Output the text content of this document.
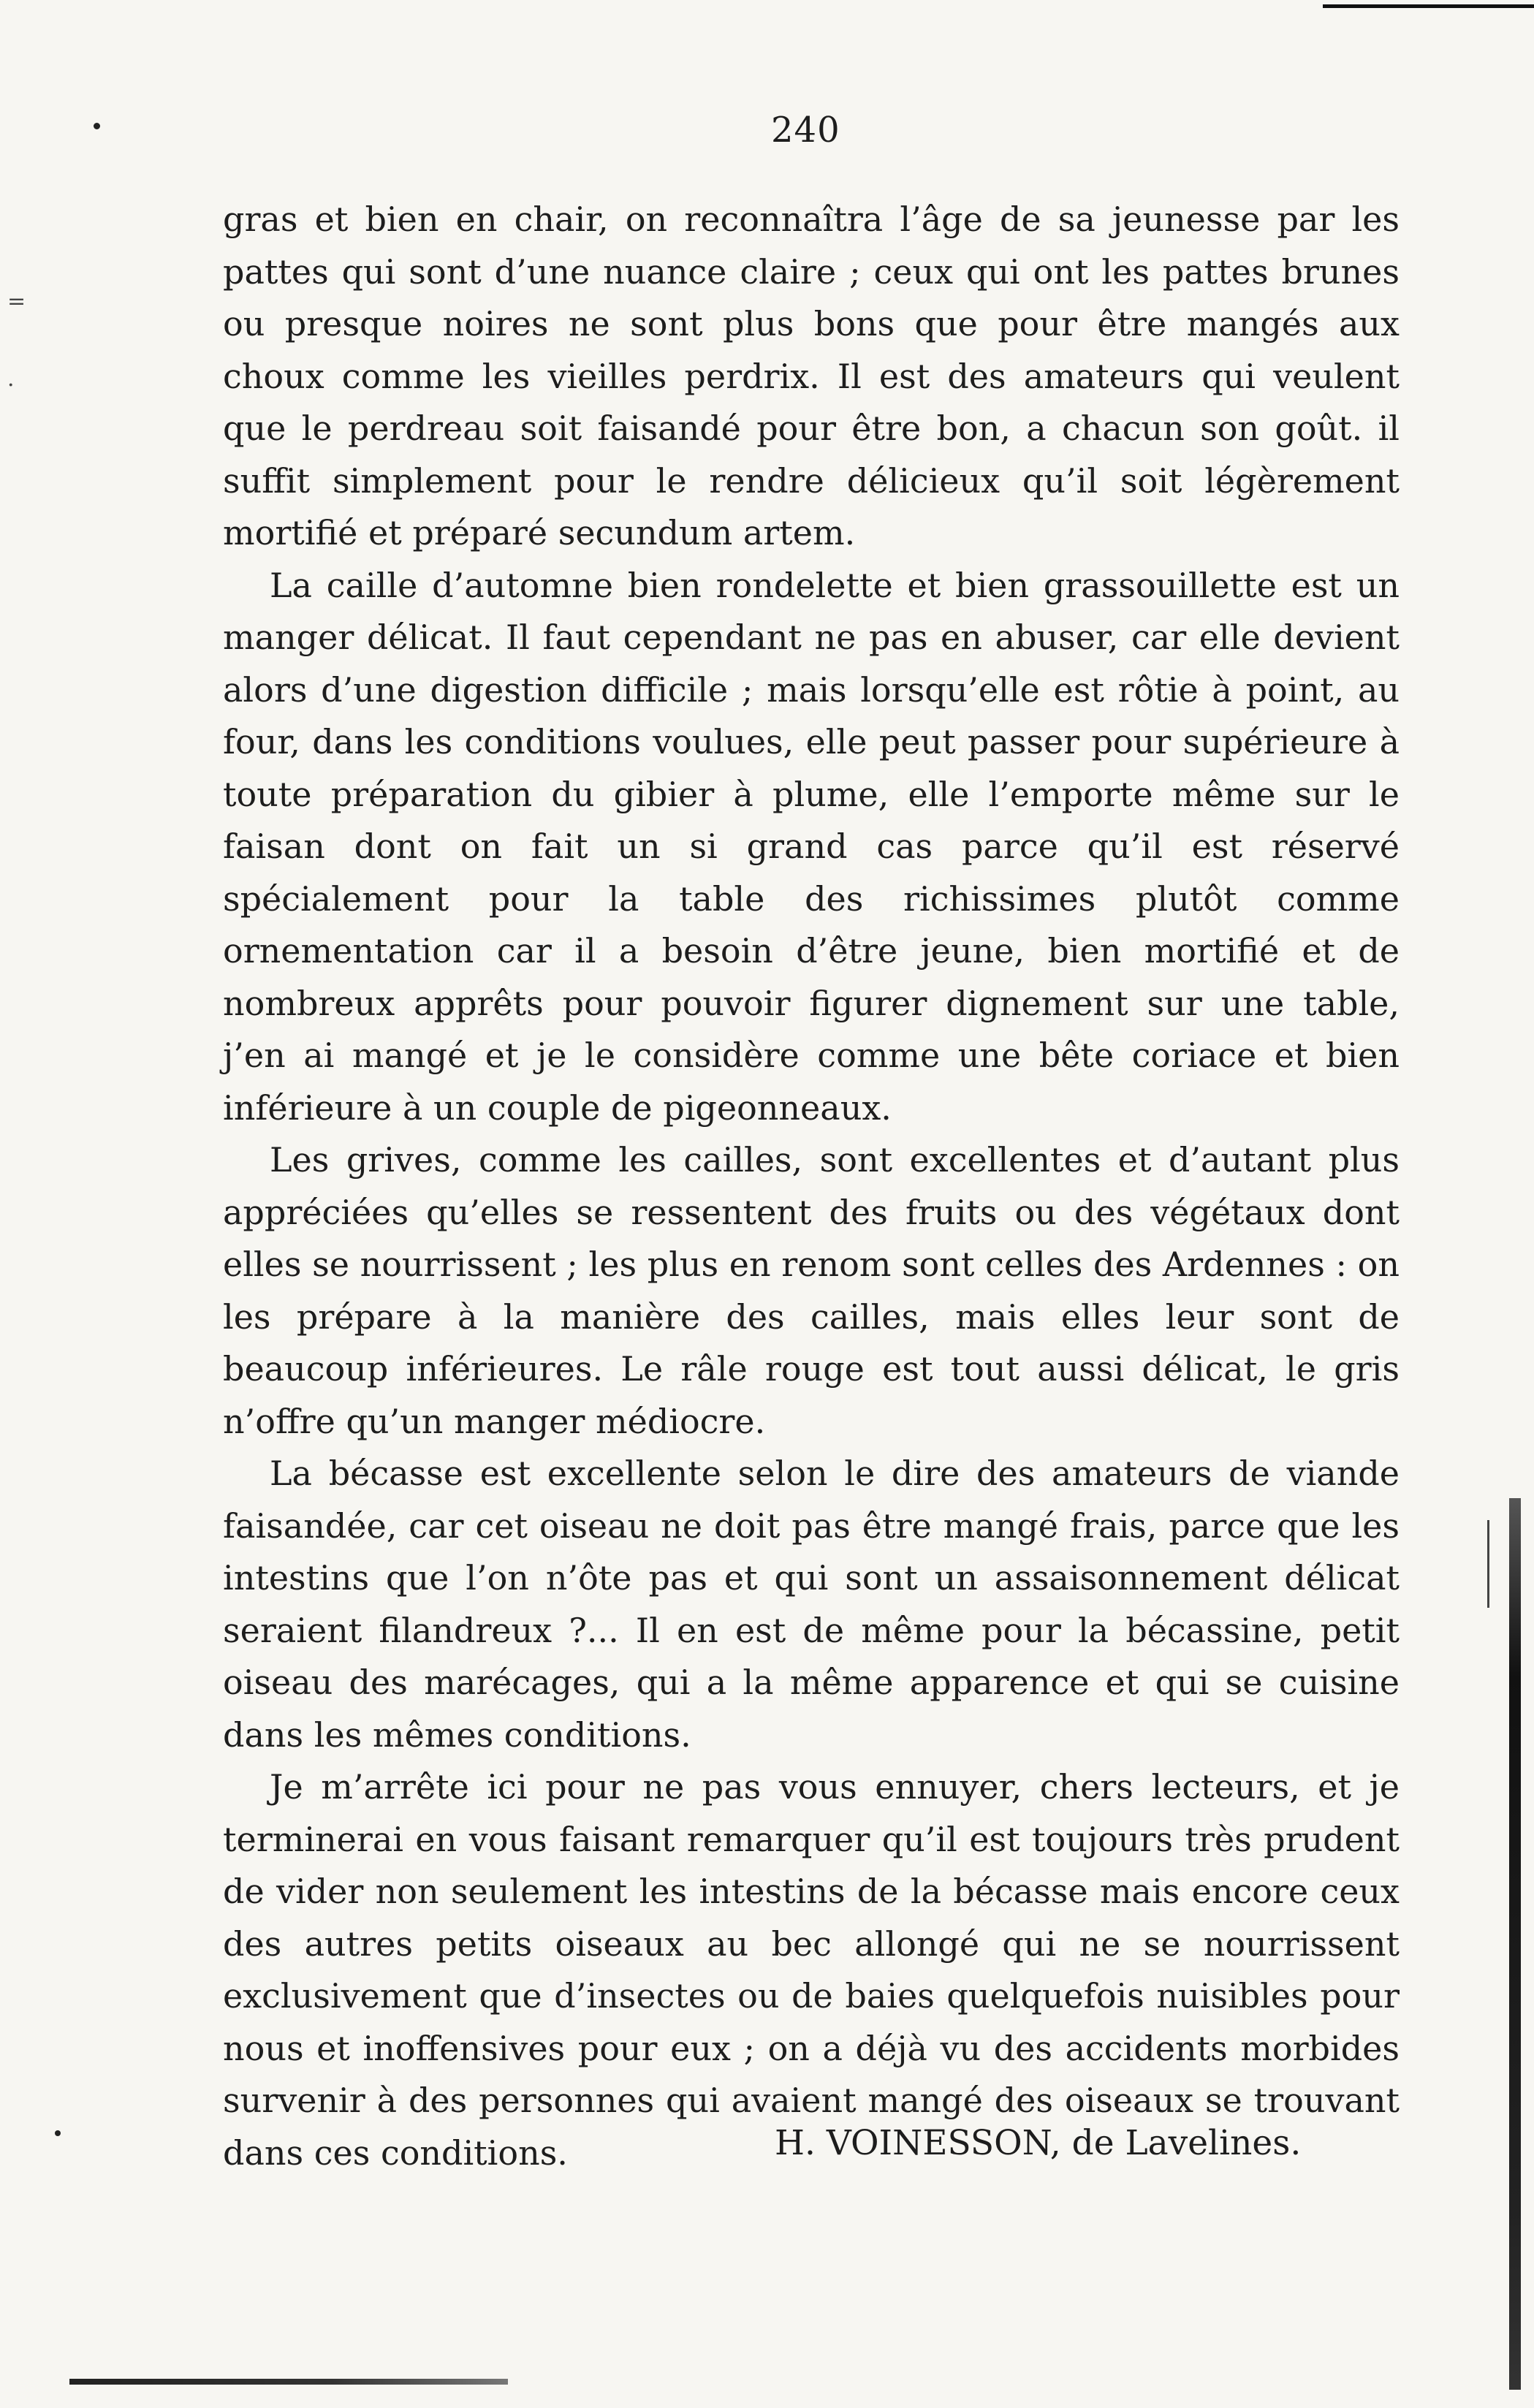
=
·
240

gras et bien en chair, on reconnaîtra l’âge de sa jeunesse par les pattes qui sont d’une nuance claire ; ceux qui ont les pattes brunes ou presque noires ne sont plus bons que pour être mangés aux choux comme les vieilles perdrix. Il est des amateurs qui veulent que le perdreau soit faisandé pour être bon, a chacun son goût. il suffit simplement pour le rendre délicieux qu’il soit légèrement mortifié et préparé secundum artem.

La caille d’automne bien rondelette et bien grassouillette est un manger délicat. Il faut cependant ne pas en abuser, car elle devient alors d’une digestion difficile ; mais lorsqu’elle est rôtie à point, au four, dans les conditions voulues, elle peut passer pour supérieure à toute préparation du gibier à plume, elle l’emporte même sur le faisan dont on fait un si grand cas parce qu’il est réservé spécialement pour la table des richissimes plutôt comme ornementation car il a besoin d’être jeune, bien mortifié et de nombreux apprêts pour pouvoir figurer dignement sur une table, j’en ai mangé et je le considère comme une bête coriace et bien inférieure à un couple de pigeonneaux.

Les grives, comme les cailles, sont excellentes et d’autant plus appréciées qu’elles se ressentent des fruits ou des végétaux dont elles se nourrissent ; les plus en renom sont celles des Ardennes : on les prépare à la manière des cailles, mais elles leur sont de beaucoup inférieures. Le râle rouge est tout aussi délicat, le gris n’offre qu’un manger médiocre.

La bécasse est excellente selon le dire des amateurs de viande faisandée, car cet oiseau ne doit pas être mangé frais, parce que les intestins que l’on n’ôte pas et qui sont un assaisonnement délicat seraient filandreux ?... Il en est de même pour la bécassine, petit oiseau des marécages, qui a la même apparence et qui se cuisine dans les mêmes conditions.

Je m’arrête ici pour ne pas vous ennuyer, chers lecteurs, et je terminerai en vous faisant remarquer qu’il est toujours très prudent de vider non seulement les intestins de la bécasse mais encore ceux des autres petits oiseaux au bec allongé qui ne se nourrissent exclusivement que d’insectes ou de baies quelquefois nuisibles pour nous et inoffensives pour eux ; on a déjà vu des accidents morbides survenir à des personnes qui avaient mangé des oiseaux se trouvant dans ces conditions.	H. VOINESSON, de Lavelines.
